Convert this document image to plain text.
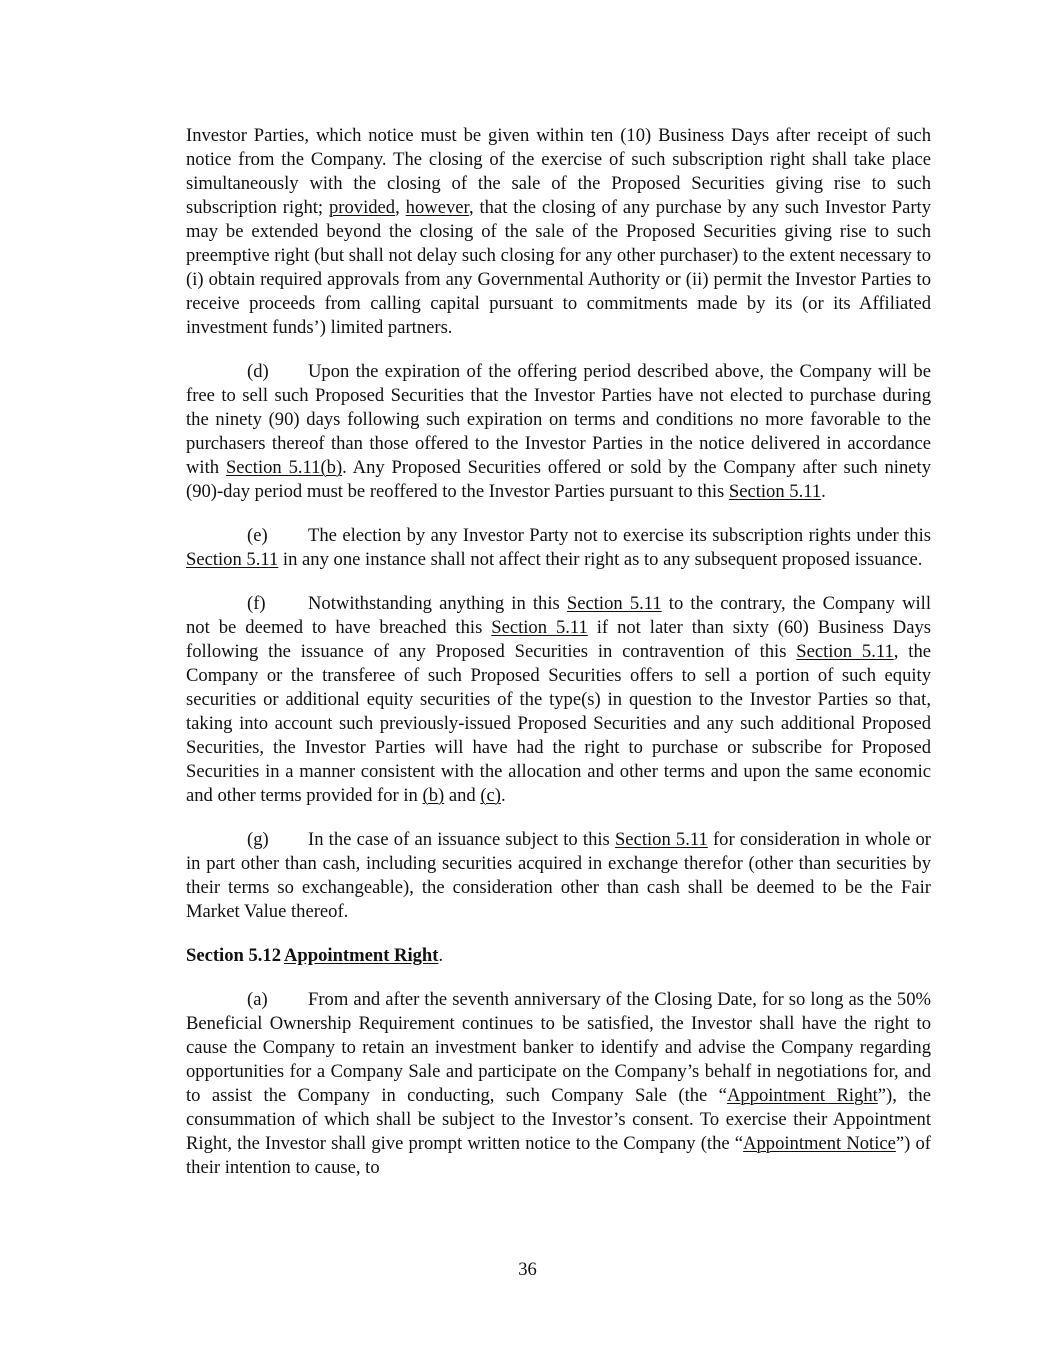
Investor Parties, which notice must be given within ten (10) Business Days after receipt of such notice from the Company. The closing of the exercise of such subscription right shall take place simultaneously with the closing of the sale of the Proposed Securities giving rise to such subscription right; provided, however, that the closing of any purchase by any such Investor Party may be extended beyond the closing of the sale of the Proposed Securities giving rise to such preemptive right (but shall not delay such closing for any other purchaser) to the extent necessary to (i) obtain required approvals from any Governmental Authority or (ii) permit the Investor Parties to receive proceeds from calling capital pursuant to commitments made by its (or its Affiliated investment funds’) limited partners.

(d) Upon the expiration of the offering period described above, the Company will be free to sell such Proposed Securities that the Investor Parties have not elected to purchase during the ninety (90) days following such expiration on terms and conditions no more favorable to the purchasers thereof than those offered to the Investor Parties in the notice delivered in accordance with Section 5.11(b). Any Proposed Securities offered or sold by the Company after such ninety (90)-day period must be reoffered to the Investor Parties pursuant to this Section 5.11.

(e) The election by any Investor Party not to exercise its subscription rights under this Section 5.11 in any one instance shall not affect their right as to any subsequent proposed issuance.

(f) Notwithstanding anything in this Section 5.11 to the contrary, the Company will not be deemed to have breached this Section 5.11 if not later than sixty (60) Business Days following the issuance of any Proposed Securities in contravention of this Section 5.11, the Company or the transferee of such Proposed Securities offers to sell a portion of such equity securities or additional equity securities of the type(s) in question to the Investor Parties so that, taking into account such previously-issued Proposed Securities and any such additional Proposed Securities, the Investor Parties will have had the right to purchase or subscribe for Proposed Securities in a manner consistent with the allocation and other terms and upon the same economic and other terms provided for in (b) and (c).

(g) In the case of an issuance subject to this Section 5.11 for consideration in whole or in part other than cash, including securities acquired in exchange therefor (other than securities by their terms so exchangeable), the consideration other than cash shall be deemed to be the Fair Market Value thereof.

Section 5.12 Appointment Right.

(a) From and after the seventh anniversary of the Closing Date, for so long as the 50% Beneficial Ownership Requirement continues to be satisfied, the Investor shall have the right to cause the Company to retain an investment banker to identify and advise the Company regarding opportunities for a Company Sale and participate on the Company’s behalf in negotiations for, and to assist the Company in conducting, such Company Sale (the “Appointment Right”), the consummation of which shall be subject to the Investor’s consent. To exercise their Appointment Right, the Investor shall give prompt written notice to the Company (the “Appointment Notice”) of their intention to cause, to

36
